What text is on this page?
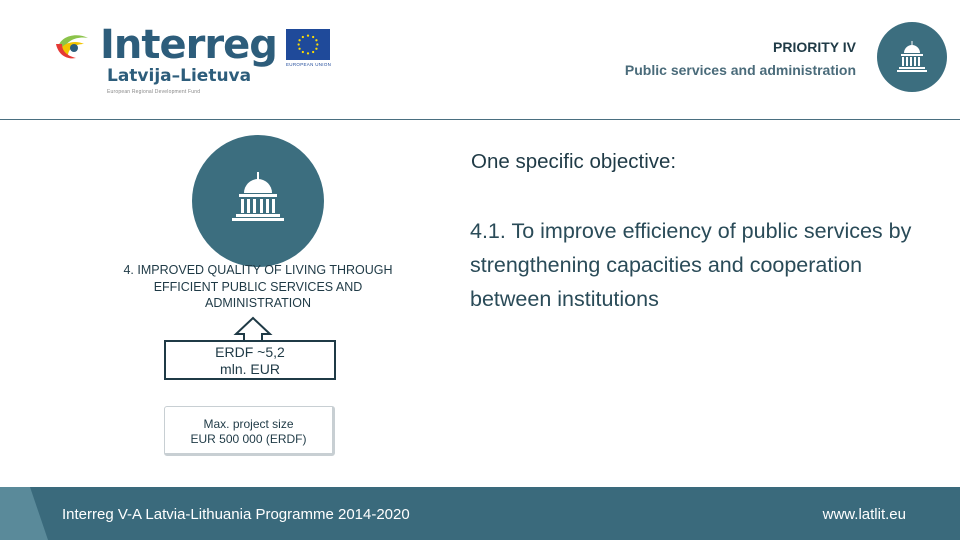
Interreg
Latvija–Lietuva
European Regional Development Fund
EUROPEAN UNION
PRIORITY IV
Public services and administration
4. IMPROVED QUALITY OF LIVING THROUGH EFFICIENT PUBLIC SERVICES AND ADMINISTRATION
ERDF ~5,2
mln. EUR
Max. project size
EUR 500 000 (ERDF)
One specific objective:
4.1. To improve efficiency of public services by strengthening capacities and cooperation between institutions
Interreg V-A Latvia-Lithuania Programme 2014-2020	www.latlit.eu
